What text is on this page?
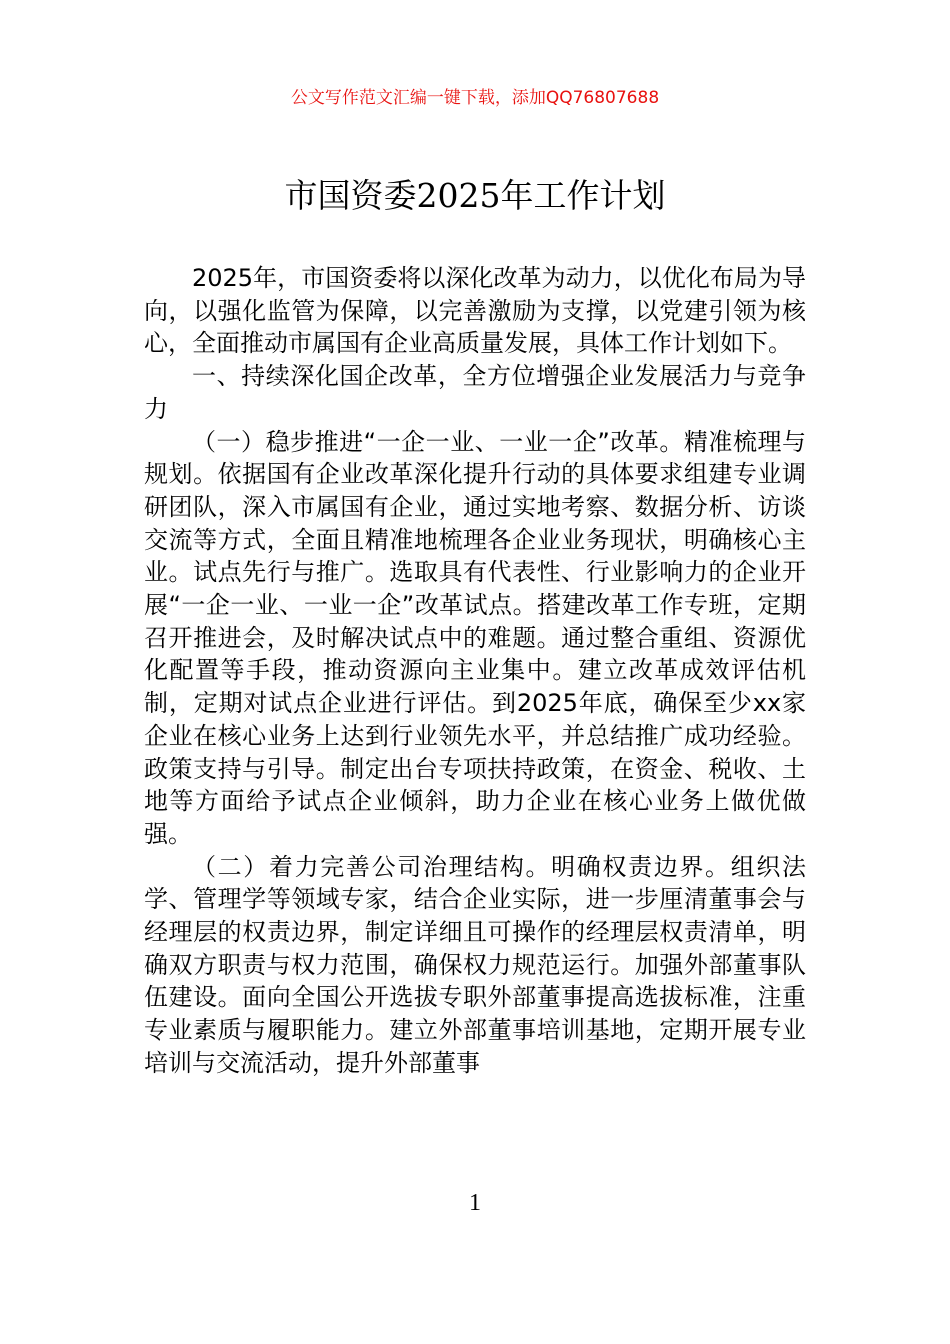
公文写作范文汇编一键下载，添加QQ76807688
市国资委2025年工作计划

2025年，市国资委将以深化改革为动力，以优化布局为导向，以强化监管为保障，以完善激励为支撑，以党建引领为核心，全面推动市属国有企业高质量发展，具体工作计划如下。

一、持续深化国企改革，全方位增强企业发展活力与竞争力

（一）稳步推进“一企一业、一业一企”改革。精准梳理与规划。依据国有企业改革深化提升行动的具体要求组建专业调研团队，深入市属国有企业，通过实地考察、数据分析、访谈交流等方式，全面且精准地梳理各企业业务现状，明确核心主业。试点先行与推广。选取具有代表性、行业影响力的企业开展“一企一业、一业一企”改革试点。搭建改革工作专班，定期召开推进会，及时解决试点中的难题。通过整合重组、资源优化配置等手段，推动资源向主业集中。建立改革成效评估机制，定期对试点企业进行评估。到2025年底，确保至少xx家企业在核心业务上达到行业领先水平，并总结推广成功经验。政策支持与引导。制定出台专项扶持政策，在资金、税收、土地等方面给予试点企业倾斜，助力企业在核心业务上做优做强。

（二）着力完善公司治理结构。明确权责边界。组织法学、管理学等领域专家，结合企业实际，进一步厘清董事会与经理层的权责边界，制定详细且可操作的经理层权责清单，明确双方职责与权力范围，确保权力规范运行。加强外部董事队伍建设。面向全国公开选拔专职外部董事提高选拔标准，注重专业素质与履职能力。建立外部董事培训基地，定期开展专业培训与交流活动，提升外部董事

1
